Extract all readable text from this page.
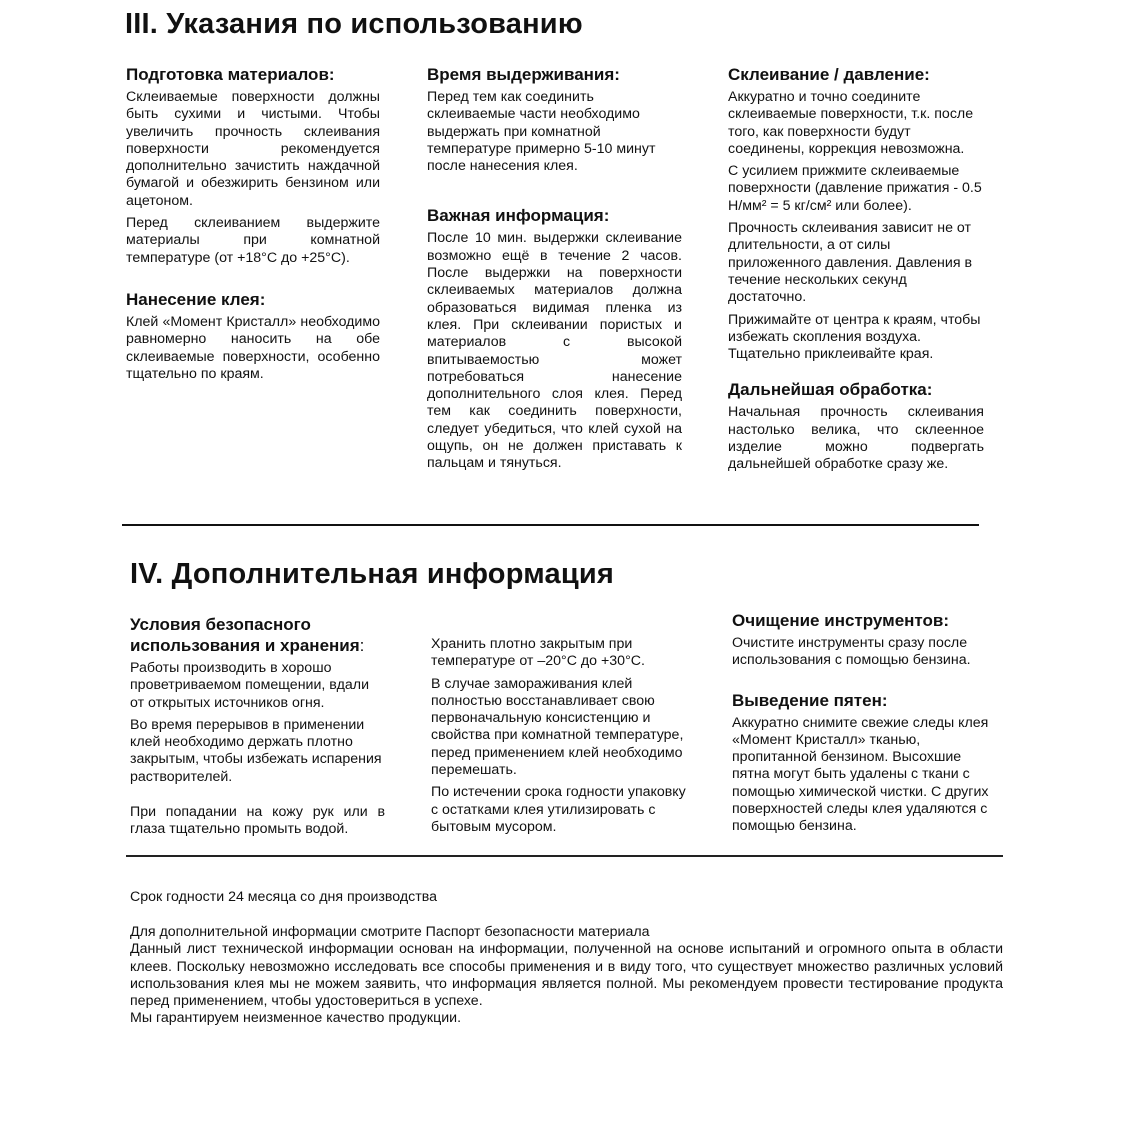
III. Указания по использованию
Подготовка материалов:

Склеиваемые поверхности должны быть сухими и чистыми. Чтобы увеличить прочность склеивания поверхности рекомендуется дополнительно зачистить наждачной бумагой и обезжирить бензином или ацетоном.

Перед склеиванием выдержите материалы при комнатной температуре (от +18°С до +25°С).

Нанесение клея:

Клей «Момент Кристалл» необходимо равномерно наносить на обе склеиваемые поверхности, особенно тщательно по краям.

Время выдерживания:

Перед тем как соединить склеиваемые части необходимо выдержать при комнатной температуре примерно 5-10 минут после нанесения клея.

Важная информация:

После 10 мин. выдержки склеивание возможно ещё в течение 2 часов. После выдержки на поверхности склеиваемых материалов должна образоваться видимая пленка из клея. При склеивании пористых и материалов с высокой впитываемостью может потребоваться нанесение дополнительного слоя клея. Перед тем как соединить поверхности, следует убедиться, что клей сухой на ощупь, он не должен приставать к пальцам и тянуться.

Склеивание / давление:

Аккуратно и точно соедините склеиваемые поверхности, т.к. после того, как поверхности будут соединены, коррекция невозможна.

С усилием прижмите склеиваемые поверхности (давление прижатия - 0.5 Н/мм² = 5 кг/см² или более).

Прочность склеивания зависит не от длительности, а от силы приложенного давления. Давления в течение нескольких секунд достаточно.

Прижимайте от центра к краям, чтобы избежать скопления воздуха. Тщательно приклеивайте края.

Дальнейшая обработка:

Начальная прочность склеивания настолько велика, что склеенное изделие можно подвергать дальнейшей обработке сразу же.

IV. Дополнительная информация
Условия безопасного использования и хранения:

Работы производить в хорошо проветриваемом помещении, вдали от открытых источников огня.

Во время перерывов в применении клей необходимо держать плотно закрытым, чтобы избежать испарения растворителей.

При попадании на кожу рук или в глаза тщательно промыть водой.

Хранить плотно закрытым при температуре от –20°С до +30°С.

В случае замораживания клей полностью восстанавливает свою первоначальную консистенцию и свойства при комнатной температуре, перед применением клей необходимо перемешать.

По истечении срока годности упаковку с остатками клея утилизировать с бытовым мусором.

Очищение инструментов:

Очистите инструменты сразу после использования с помощью бензина.

Выведение пятен:

Аккуратно снимите свежие следы клея «Момент Кристалл» тканью, пропитанной бензином. Высохшие пятна могут быть удалены с ткани с помощью химической чистки. С других поверхностей следы клея удаляются с помощью бензина.

Срок годности 24 месяца со дня производства
Для дополнительной информации смотрите Паспорт безопасности материала
Данный лист технической информации основан на информации, полученной на основе испытаний и огромного опыта в области клеев. Поскольку невозможно исследовать все способы применения и в виду того, что существует множество различных условий использования клея мы не можем заявить, что информация является полной. Мы рекомендуем провести тестирование продукта перед применением, чтобы удостовериться в успехе.
Мы гарантируем неизменное качество продукции.
